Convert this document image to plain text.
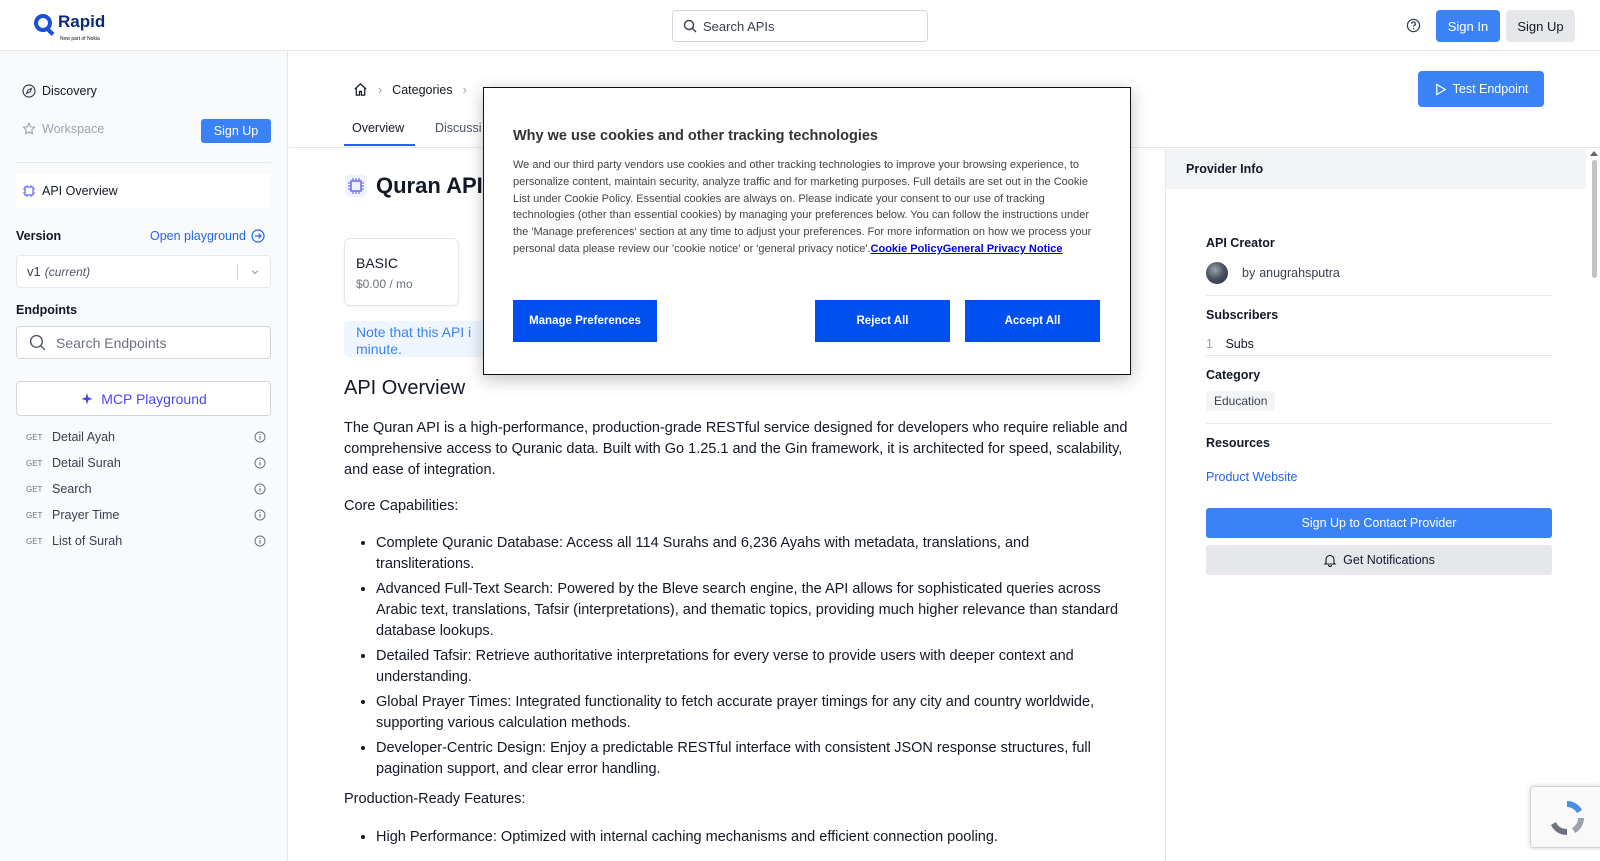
Rapid
Now part of Nokia
Search APIs	Sign In	Sign Up
Discovery
Workspace	Sign Up
API Overview
Version	Open playground
v1 (current)
Endpoints
Search Endpoints
MCP Playground
GET Detail Ayah
GET Detail Surah
GET Search
GET Prayer Time
GET List of Surah
› Categories ›
Overview Discussi
Test Endpoint
Quran API
BASIC
$0.00 / mo
Note that this API i minute.
API Overview
The Quran API is a high-performance, production-grade RESTful service designed for developers who require reliable and comprehensive access to Quranic data. Built with Go 1.25.1 and the Gin framework, it is architected for speed, scalability, and ease of integration.
Core Capabilities:
• Complete Quranic Database: Access all 114 Surahs and 6,236 Ayahs with metadata, translations, and transliterations.
• Advanced Full-Text Search: Powered by the Bleve search engine, the API allows for sophisticated queries across Arabic text, translations, Tafsir (interpretations), and thematic topics, providing much higher relevance than standard database lookups.
• Detailed Tafsir: Retrieve authoritative interpretations for every verse to provide users with deeper context and understanding.
• Global Prayer Times: Integrated functionality to fetch accurate prayer timings for any city and country worldwide, supporting various calculation methods.
• Developer-Centric Design: Enjoy a predictable RESTful interface with consistent JSON response structures, full pagination support, and clear error handling.
Production-Ready Features:
• High Performance: Optimized with internal caching mechanisms and efficient connection pooling.
Provider Info
API Creator
by anugrahsputra
Subscribers
1 Subs
Category
Education
Resources
Product Website
Sign Up to Contact Provider
Get Notifications
Why we use cookies and other tracking technologies
We and our third party vendors use cookies and other tracking technologies to improve your browsing experience, to personalize content, maintain security, analyze traffic and for marketing purposes. Full details are set out in the Cookie List under Cookie Policy. Essential cookies are always on. Please indicate your consent to our use of tracking technologies (other than essential cookies) by managing your preferences below. You can follow the instructions under the 'Manage preferences' section at any time to adjust your preferences. For more information on how we process your personal data please review our 'cookie notice' or 'general privacy notice'.Cookie PolicyGeneral Privacy Notice
Manage Preferences	Reject All	Accept All
